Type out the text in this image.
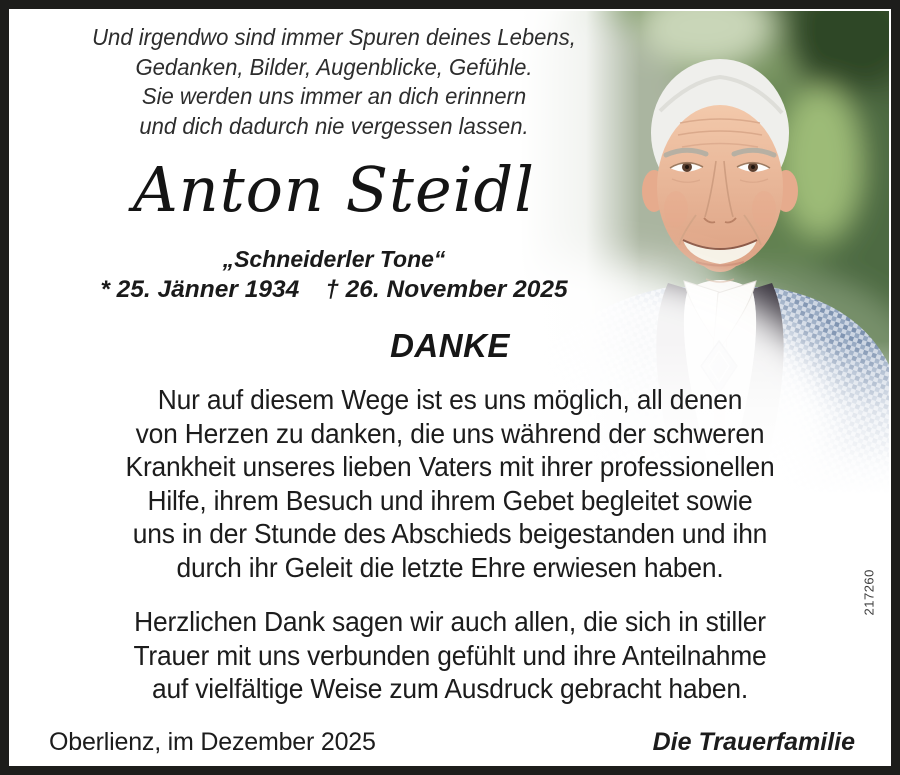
Und irgendwo sind immer Spuren deines Lebens,
Gedanken, Bilder, Augenblicke, Gefühle.
Sie werden uns immer an dich erinnern
und dich dadurch nie vergessen lassen.
Anton Steidl
„Schneiderler Tone“
* 25. Jänner 1934 † 26. November 2025
DANKE
Nur auf diesem Wege ist es uns möglich, all denen
von Herzen zu danken, die uns während der schweren
Krankheit unseres lieben Vaters mit ihrer professionellen
Hilfe, ihrem Besuch und ihrem Gebet begleitet sowie
uns in der Stunde des Abschieds beigestanden und ihn
durch ihr Geleit die letzte Ehre erwiesen haben.
Herzlichen Dank sagen wir auch allen, die sich in stiller
Trauer mit uns verbunden gefühlt und ihre Anteilnahme
auf vielfältige Weise zum Ausdruck gebracht haben.
Oberlienz, im Dezember 2025	Die Trauerfamilie
217260
